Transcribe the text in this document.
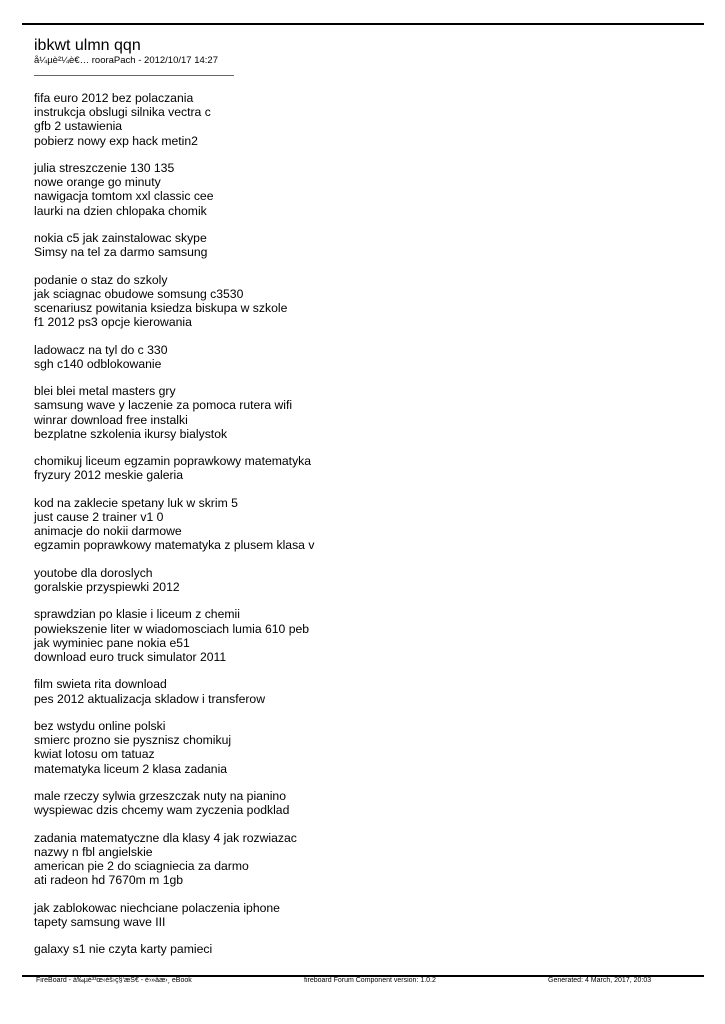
ibkwt ulmn qqn
å¼µè²¼è€… rooraPach - 2012/10/17 14:27
fifa euro 2012 bez polaczania
instrukcja obslugi silnika vectra c
gfb 2 ustawienia
pobierz nowy exp hack metin2
julia streszczenie 130 135
nowe orange go minuty
nawigacja tomtom xxl classic cee
laurki na dzien chlopaka chomik
nokia c5 jak zainstalowac skype
Simsy na tel za darmo samsung
podanie o staz do szkoly
jak sciagnac obudowe somsung c3530
scenariusz powitania ksiedza biskupa w szkole
f1 2012 ps3 opcje kierowania
ladowacz na tyl do c 330
sgh c140 odblokowanie
blei blei metal masters gry
samsung wave y laczenie za pomoca rutera wifi
winrar download free instalki
bezplatne szkolenia ikursy bialystok
chomikuj liceum egzamin poprawkowy matematyka
fryzury 2012 meskie galeria
kod na zaklecie spetany luk w skrim 5
just cause 2 trainer v1 0
animacje do nokii darmowe
egzamin poprawkowy matematyka z plusem klasa v
youtobe dla doroslych
goralskie przyspiewki 2012
sprawdzian po klasie i liceum z chemii
powiekszenie liter w wiadomosciach lumia 610 peb
jak wyminiec pane nokia e51
download euro truck simulator 2011
film swieta rita download
pes 2012 aktualizacja skladow i transferow
bez wstydu online polski
smierc prozno sie pysznisz chomikuj
kwiat lotosu om tatuaz
matematyka liceum 2 klasa zadania
male rzeczy sylwia grzeszczak nuty na pianino
wyspiewac dzis chcemy wam zyczenia podklad
zadania matematyczne dla klasy 4 jak rozwiazac
nazwy n fbl angielskie
american pie 2 do sciagniecia za darmo
ati radeon hd 7670m m 1gb
jak zablokowac niechciane polaczenia iphone
tapety samsung wave III
galaxy s1 nie czyta karty pamieci
FireBoard - å‰µé³³œ‹éš›ç§‘æŠ€ - é›»åæ›¸ eBook	fireboard Forum Component version: 1.0.2	Generated: 4 March, 2017, 20:03
